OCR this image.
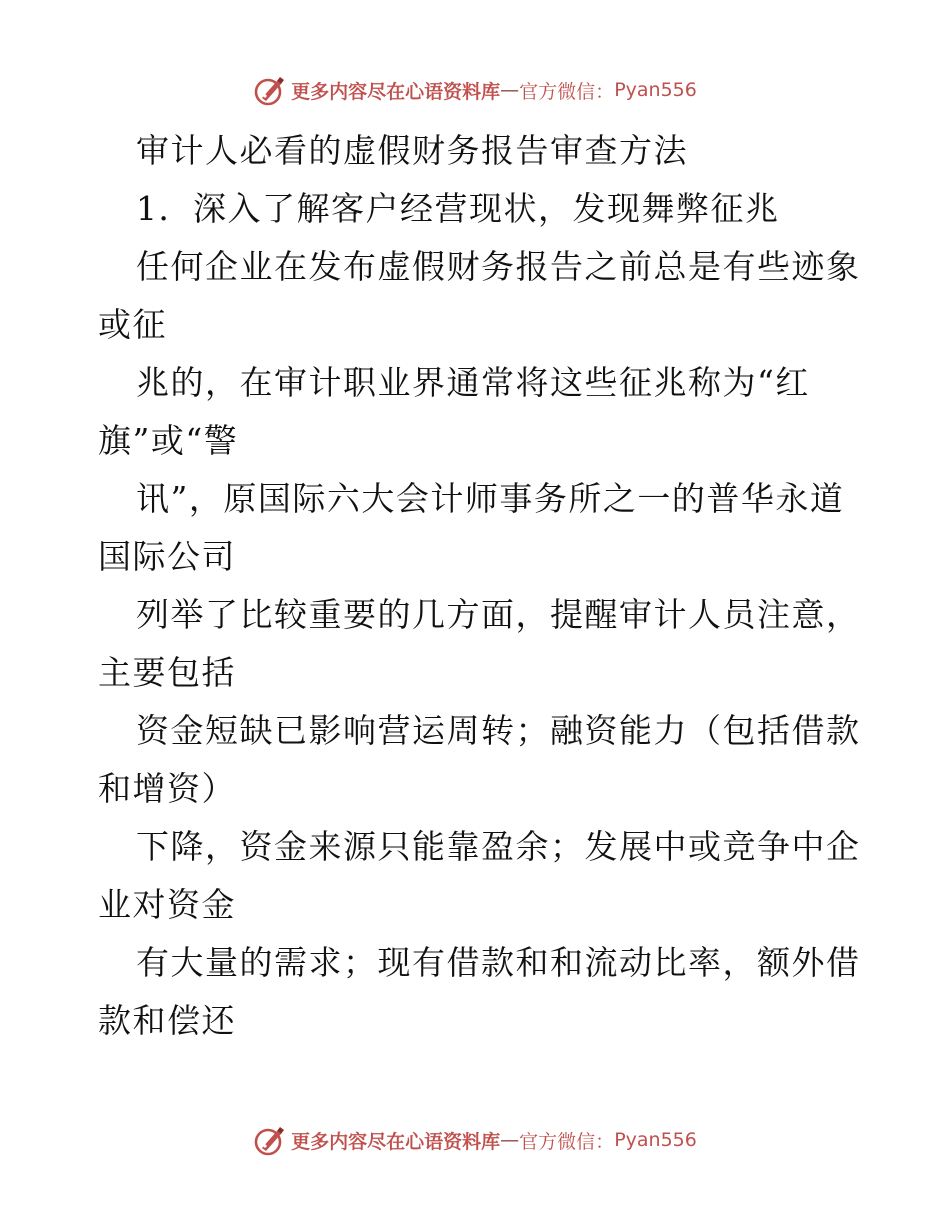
更多内容尽在心语资料库 — 官方微信： Pyan556

审计人必看的虚假财务报告审查方法

1．深入了解客户经营现状，发现舞弊征兆

任何企业在发布虚假财务报告之前总是有些迹象

或征

兆的，在审计职业界通常将这些征兆称为“红

旗”或“警

讯”，原国际六大会计师事务所之一的普华永道

国际公司

列举了比较重要的几方面，提醒审计人员注意，

主要包括

资金短缺已影响营运周转；融资能力（包括借款

和增资）

下降，资金来源只能靠盈余；发展中或竞争中企

业对资金

有大量的需求；现有借款和和流动比率，额外借

款和偿还

更多内容尽在心语资料库 — 官方微信： Pyan556
